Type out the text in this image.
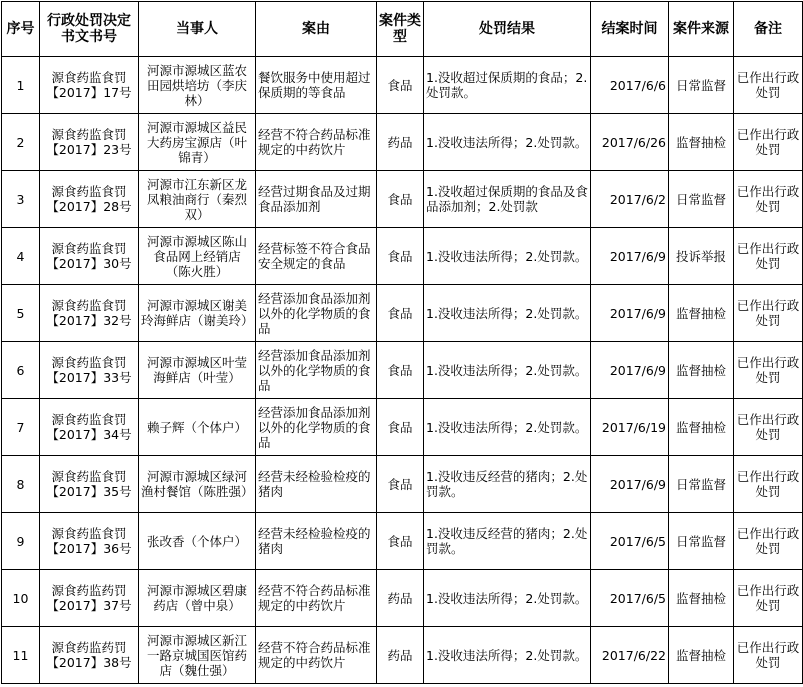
序号	行政处罚决定书文书号	当事人	案由	案件类型	处罚结果	结案时间	案件来源	备注
1	源食药监食罚【2017】17号	河源市源城区蓝农田园烘培坊（李庆林）	餐饮服务中使用超过保质期的等食品	食品	1.没收超过保质期的食品；2.处罚款。	2017/6/6	日常监督	已作出行政处罚
2	源食药监食罚【2017】23号	河源市源城区益民大药房宝源店（叶锦青）	经营不符合药品标准规定的中药饮片	药品	1.没收违法所得；2.处罚款。	2017/6/26	监督抽检	已作出行政处罚
3	源食药监食罚【2017】28号	河源市江东新区龙凤粮油商行（秦烈双）	经营过期食品及过期食品添加剂	食品	1.没收超过保质期的食品及食品添加剂；2.处罚款	2017/6/2	日常监督	已作出行政处罚
4	源食药监食罚【2017】30号	河源市源城区陈山食品网上经销店（陈火胜）	经营标签不符合食品安全规定的食品	食品	1.没收违法所得；2.处罚款。	2017/6/9	投诉举报	已作出行政处罚
5	源食药监食罚【2017】32号	河源市源城区谢美玲海鲜店（谢美玲）	经营添加食品添加剂以外的化学物质的食品	食品	1.没收违法所得；2.处罚款。	2017/6/9	监督抽检	已作出行政处罚
6	源食药监食罚【2017】33号	河源市源城区叶莹海鲜店（叶莹）	经营添加食品添加剂以外的化学物质的食品	食品	1.没收违法所得；2.处罚款。	2017/6/9	监督抽检	已作出行政处罚
7	源食药监食罚【2017】34号	赖子辉（个体户）	经营添加食品添加剂以外的化学物质的食品	食品	1.没收违法所得；2.处罚款。	2017/6/19	监督抽检	已作出行政处罚
8	源食药监食罚【2017】35号	河源市源城区绿河渔村餐馆（陈胜强）	经营未经检验检疫的猪肉	食品	1.没收违反经营的猪肉；2.处罚款。	2017/6/9	日常监督	已作出行政处罚
9	源食药监食罚【2017】36号	张改香（个体户）	经营未经检验检疫的猪肉	食品	1.没收违反经营的猪肉；2.处罚款。	2017/6/5	日常监督	已作出行政处罚
10	源食药监药罚【2017】37号	河源市源城区碧康药店（曾中泉）	经营不符合药品标准规定的中药饮片	药品	1.没收违法所得；2.处罚款。	2017/6/5	监督抽检	已作出行政处罚
11	源食药监药罚【2017】38号	河源市源城区新江一路京城国医馆药店（魏仕强）	经营不符合药品标准规定的中药饮片	药品	1.没收违法所得；2.处罚款。	2017/6/22	监督抽检	已作出行政处罚
